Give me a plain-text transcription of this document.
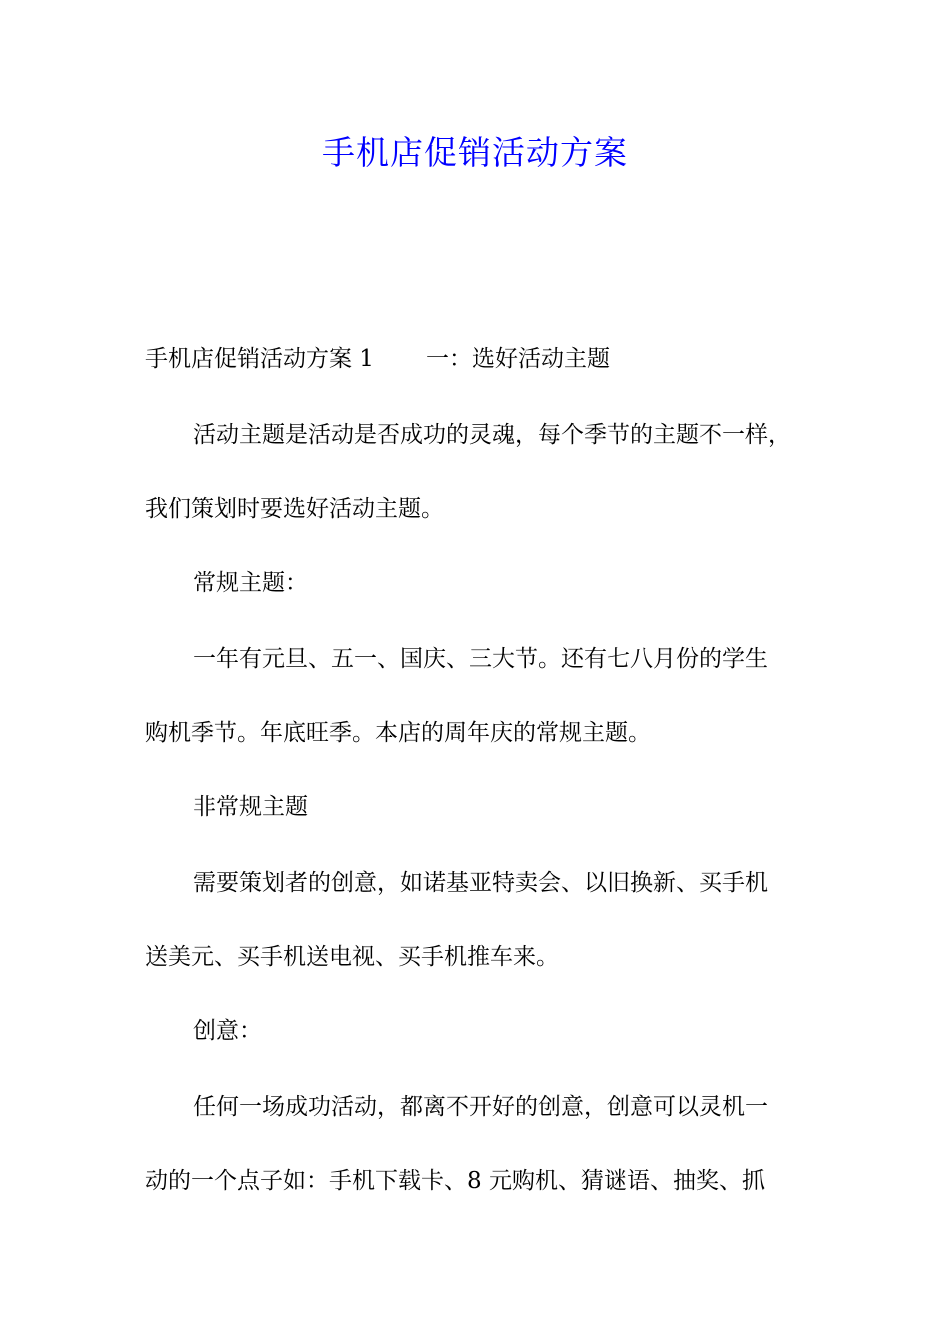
手机店促销活动方案
手机店促销活动方案 1 一：选好活动主题
活动主题是活动是否成功的灵魂，每个季节的主题不一样，
我们策划时要选好活动主题。
常规主题：
一年有元旦、五一、国庆、三大节。还有七八月份的学生
购机季节。年底旺季。本店的周年庆的常规主题。
非常规主题
需要策划者的创意，如诺基亚特卖会、以旧换新、买手机
送美元、买手机送电视、买手机推车来。
创意：
任何一场成功活动，都离不开好的创意，创意可以灵机一
动的一个点子如：手机下载卡、8 元购机、猜谜语、抽奖、抓
